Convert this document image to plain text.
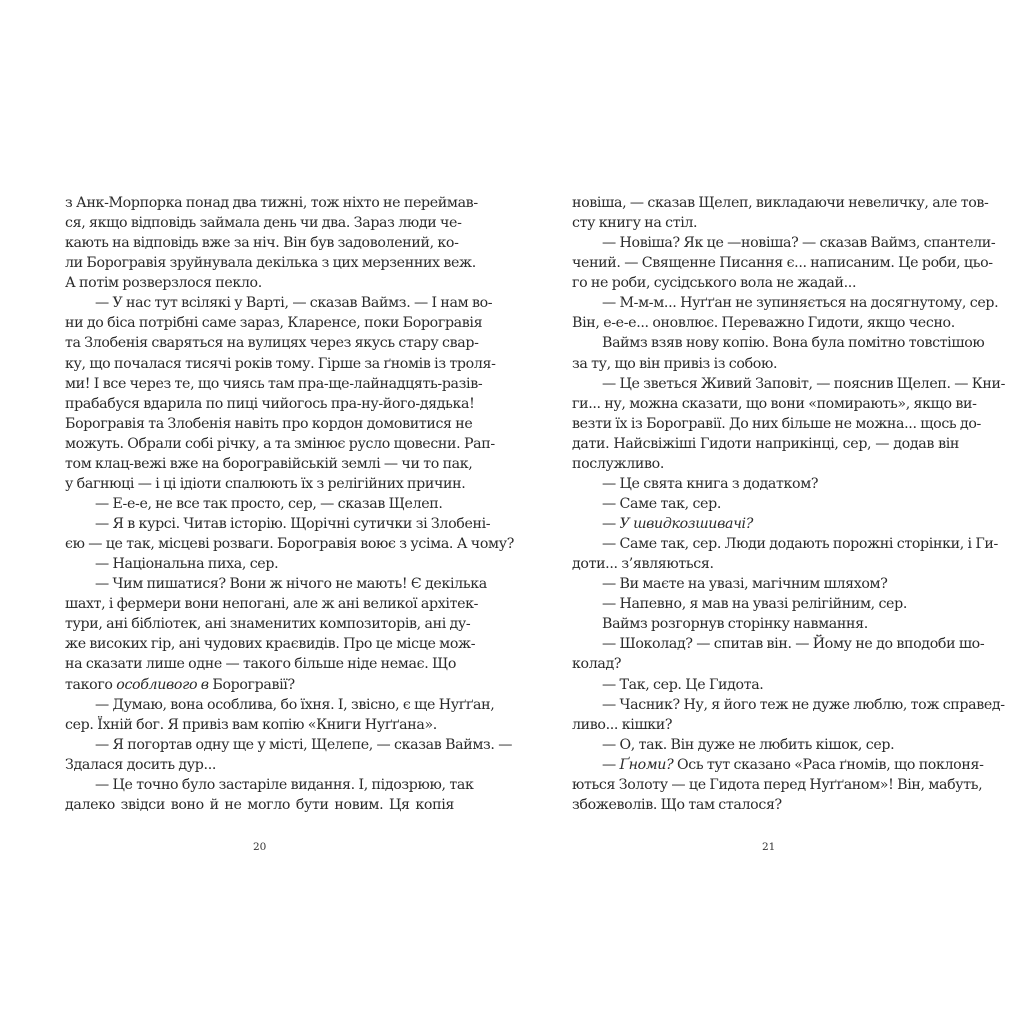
з Анк-Морпорка понад два тижні, тож ніхто не переймав-
ся, якщо відповідь займала день чи два. Зараз люди че-
кають на відповідь вже за ніч. Він був задоволений, ко-
ли Борогравія зруйнувала декілька з цих мерзенних веж.
А потім розверзлося пекло.
— У нас тут всілякі у Варті, — сказав Ваймз. — І нам во-
ни до біса потрібні саме зараз, Кларенсе, поки Борогравія
та Злобенія сваряться на вулицях через якусь стару свар-
ку, що почалася тисячі років тому. Гірше за ґномів із троля-
ми! І все через те, що чиясь там пра-ще-лайнадцять-разів-
прабабуся вдарила по пиці чийогось пра-ну-його-дядька!
Борогравія та Злобенія навіть про кордон домовитися не
можуть. Обрали собі річку, а та змінює русло щовесни. Рап-
том клац-вежі вже на борогравійській землі — чи то пак,
у багнюці — і ці ідіоти спалюють їх з релігійних причин.
— Е-е-е, не все так просто, сер, — сказав Щелеп.
— Я в курсі. Читав історію. Щорічні сутички зі Злобені-
єю — це так, місцеві розваги. Борогравія воює з усіма. А чому?
— Національна пиха, сер.
— Чим пишатися? Вони ж нічого не мають! Є декілька
шахт, і фермери вони непогані, але ж ані великої архітек-
тури, ані бібліотек, ані знаменитих композиторів, ані ду-
же високих гір, ані чудових краєвидів. Про це місце мож-
на сказати лише одне — такого більше ніде немає. Що
такого особливого в Борогравії?
— Думаю, вона особлива, бо їхня. І, звісно, є ще Нуґґан,
сер. Їхній бог. Я привіз вам копію «Книги Нуґґана».
— Я погортав одну ще у місті, Щелепе, — сказав Ваймз. —
Здалася досить дур...
— Це точно було застаріле видання. І, підозрюю, так
далеко звідси воно й не могло бути новим. Ця копія
20
новіша, — сказав Щелеп, викладаючи невеличку, але тов-
сту книгу на стіл.
— Новіша? Як це —новіша? — сказав Ваймз, спантели-
чений. — Священне Писання є... написаним. Це роби, цьо-
го не роби, сусідського вола не жадай...
— М-м-м... Нуґґан не зупиняється на досягнутому, сер.
Він, е-е-е... оновлює. Переважно Гидоти, якщо чесно.
Ваймз взяв нову копію. Вона була помітно товстішою
за ту, що він привіз із собою.
— Це зветься Живий Заповіт, — пояснив Щелеп. — Кни-
ги... ну, можна сказати, що вони «помирають», якщо ви-
везти їх із Борогравії. До них більше не можна... щось до-
дати. Найсвіжіші Гидоти наприкінці, сер, — додав він
послужливо.
— Це свята книга з додатком?
— Саме так, сер.
— У швидкозшивачі?
— Саме так, сер. Люди додають порожні сторінки, і Ги-
доти... з’являються.
— Ви маєте на увазі, магічним шляхом?
— Напевно, я мав на увазі релігійним, сер.
Ваймз розгорнув сторінку навмання.
— Шоколад? — спитав він. — Йому не до вподоби шо-
колад?
— Так, сер. Це Гидота.
— Часник? Ну, я його теж не дуже люблю, тож справед-
ливо... кішки?
— О, так. Він дуже не любить кішок, сер.
— Ґноми? Ось тут сказано «Раса ґномів, що поклоня-
ються Золоту — це Гидота перед Нуґґаном»! Він, мабуть,
збожеволів. Що там сталося?
21
